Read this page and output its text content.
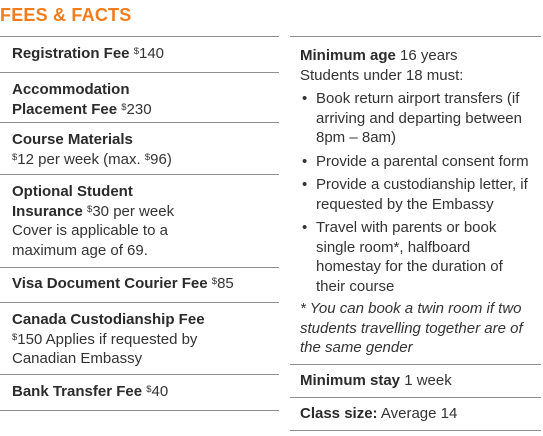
FEES & FACTS
Registration Fee $140
Accommodation
Placement Fee $230
Course Materials
$12 per week (max. $96)
Optional Student
Insurance $30 per week
Cover is applicable to a
maximum age of 69.
Visa Document Courier Fee $85
Canada Custodianship Fee
$150 Applies if requested by
Canadian Embassy
Bank Transfer Fee $40
Minimum age 16 years
Students under 18 must:
• Book return airport transfers (if
arriving and departing between
8pm – 8am)
• Provide a parental consent form
• Provide a custodianship letter, if
requested by the Embassy
• Travel with parents or book
single room*, halfboard
homestay for the duration of
their course
* You can book a twin room if two
students travelling together are of
the same gender
Minimum stay 1 week
Class size: Average 14
